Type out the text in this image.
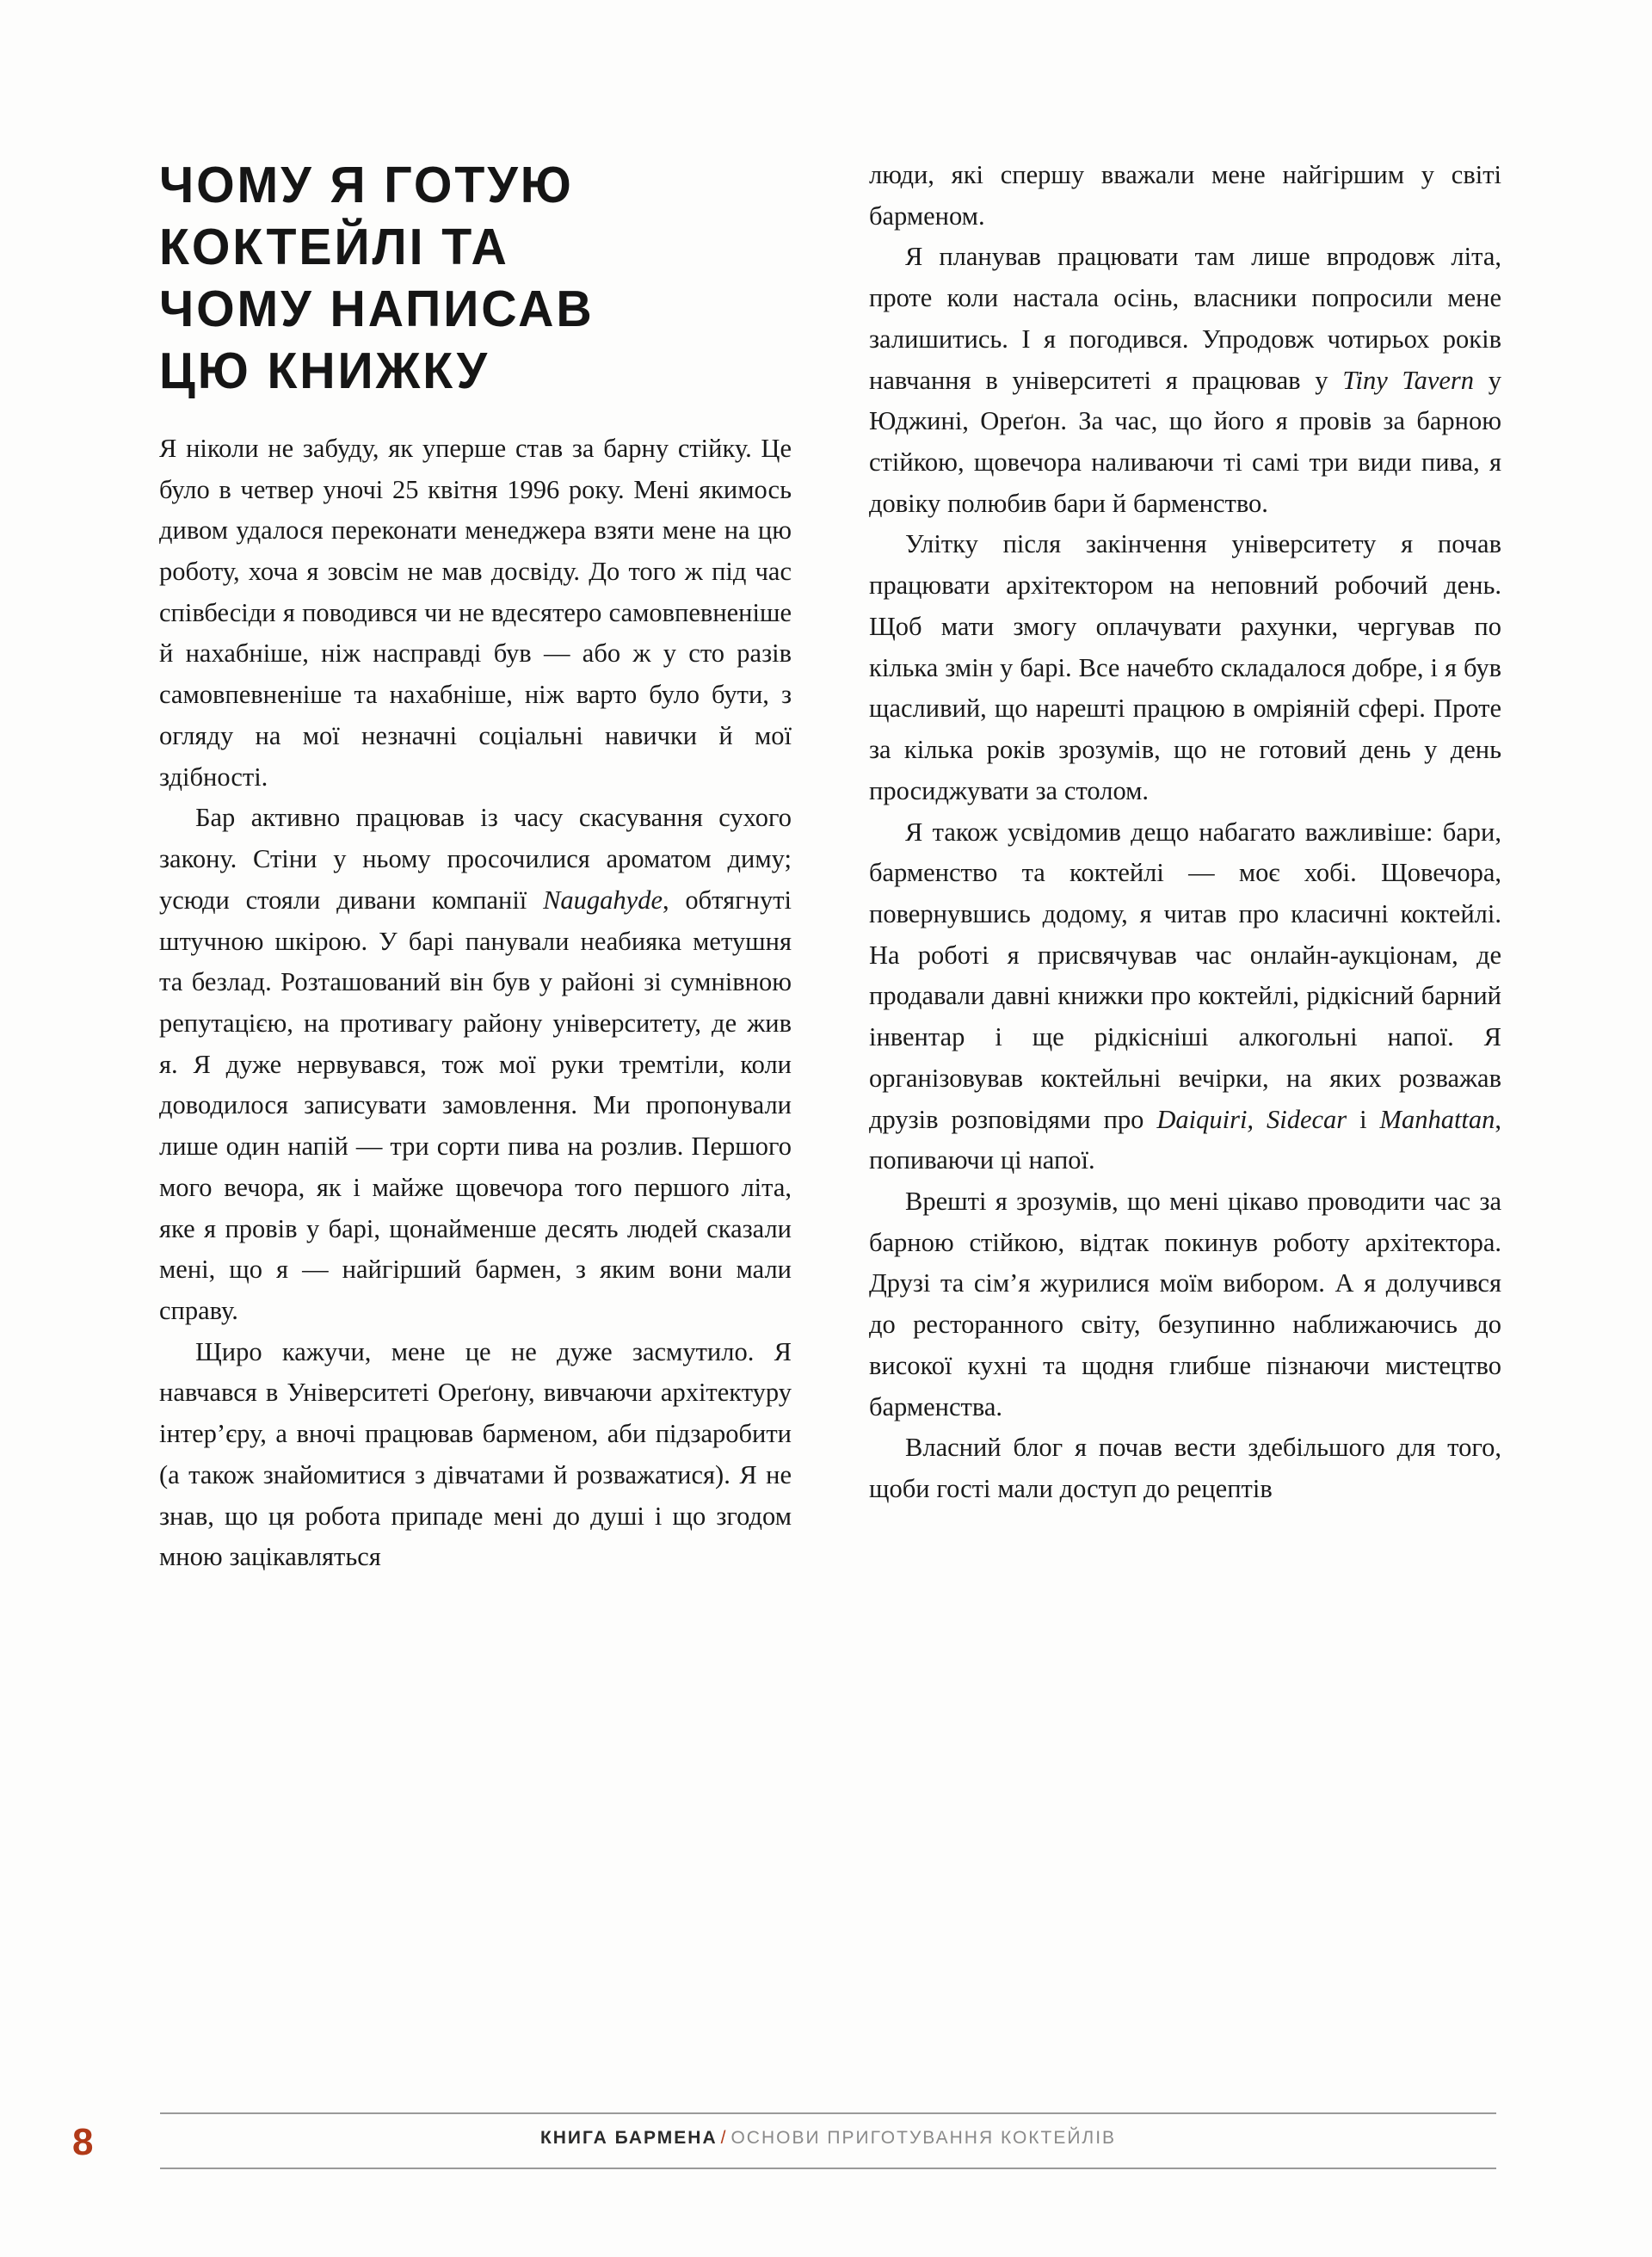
ЧОМУ Я ГОТУЮ
КОКТЕЙЛІ ТА
ЧОМУ НАПИСАВ
ЦЮ КНИЖКУ

Я ніколи не забуду, як уперше став за барну стійку. Це було в четвер уночі 25 квітня 1996 року. Мені якимось дивом удалося переконати менеджера взяти мене на цю роботу, хоча я зовсім не мав досвіду. До того ж під час співбесіди я поводився чи не вдесятеро самовпевненіше й нахабніше, ніж насправді був — або ж у сто разів самовпевненіше та нахабніше, ніж варто було бути, з огляду на мої незначні соціальні навички й мої здібності.

Бар активно працював із часу скасування сухого закону. Стіни у ньому просочилися ароматом диму; усюди стояли дивани компанії Naugahyde, обтягнуті штучною шкірою. У барі панували неабияка метушня та безлад. Розташований він був у районі зі сумнівною репутацією, на противагу району університету, де жив я. Я дуже нервувався, тож мої руки тремтіли, коли доводилося записувати замовлення. Ми пропонували лише один напій — три сорти пива на розлив. Першого мого вечора, як і майже щовечора того першого літа, яке я провів у барі, щонайменше десять людей сказали мені, що я — найгірший бармен, з яким вони мали справу.

Щиро кажучи, мене це не дуже засмутило. Я навчався в Університеті Ореґону, вивчаючи архітектуру інтер’єру, а вночі працював барменом, аби підзаробити (а також знайомитися з дівчатами й розважатися). Я не знав, що ця робота припаде мені до душі і що згодом мною зацікавляться

люди, які спершу вважали мене найгіршим у світі барменом.

Я планував працювати там лише впродовж літа, проте коли настала осінь, власники попросили мене залишитись. І я погодився. Упродовж чотирьох років навчання в університеті я працював у Tiny Tavern у Юджині, Ореґон. За час, що його я провів за барною стійкою, щовечора наливаючи ті самі три види пива, я довіку полюбив бари й барменство.

Улітку після закінчення університету я почав працювати архітектором на неповний робочий день. Щоб мати змогу оплачувати рахунки, чергував по кілька змін у барі. Все начебто складалося добре, і я був щасливий, що нарешті працюю в омріяній сфері. Проте за кілька років зрозумів, що не готовий день у день просиджувати за столом.

Я також усвідомив дещо набагато важливіше: бари, барменство та коктейлі — моє хобі. Щовечора, повернувшись додому, я читав про класичні коктейлі. На роботі я присвячував час онлайн-аукціонам, де продавали давні книжки про коктейлі, рідкісний барний інвентар і ще рідкісніші алкогольні напої. Я організовував коктейльні вечірки, на яких розважав друзів розповідями про Daiquiri, Sidecar і Manhattan, попиваючи ці напої.

Врешті я зрозумів, що мені цікаво проводити час за барною стійкою, відтак покинув роботу архітектора. Друзі та сім’я журилися моїм вибором. А я долучився до ресторанного світу, безупинно наближаючись до високої кухні та щодня глибше пізнаючи мистецтво барменства.

Власний блог я почав вести здебільшого для того, щоби гості мали доступ до рецептів

8	КНИГА БАРМЕНА / ОСНОВИ ПРИГОТУВАННЯ КОКТЕЙЛІВ
